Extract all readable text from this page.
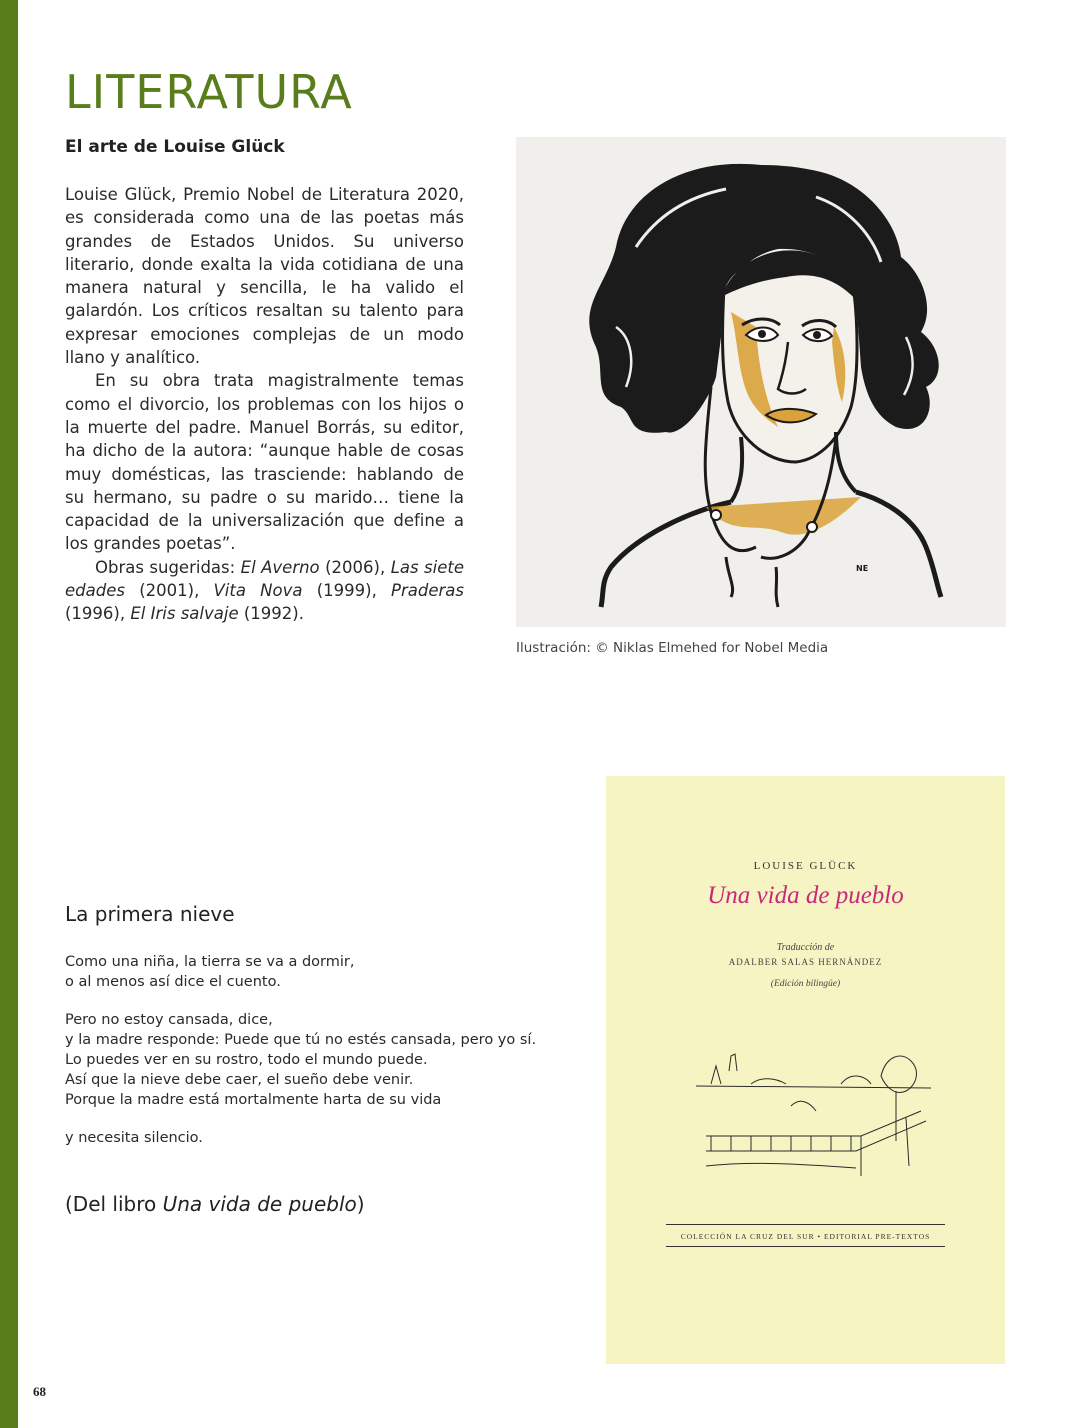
LITERATURA
El arte de Louise Glück

Louise Glück, Premio Nobel de Literatura 2020, es considerada como una de las poetas más grandes de Estados Unidos. Su universo literario, donde exalta la vida cotidiana de una manera natural y sencilla, le ha valido el galardón. Los críticos resaltan su talento para expresar emociones complejas de un modo llano y analítico.

En su obra trata magistralmente temas como el divorcio, los problemas con los hijos o la muerte del padre. Manuel Borrás, su editor, ha dicho de la autora: “aunque hable de cosas muy domésticas, las trasciende: hablando de su hermano, su padre o su marido… tiene la capacidad de la universalización que define a los grandes poetas”.

Obras sugeridas: El Averno (2006), Las siete edades (2001), Vita Nova (1999), Praderas (1996), El Iris salvaje (1992).

NE
Ilustración: © Niklas Elmehed for Nobel Media
La primera nieve
Como una niña, la tierra se va a dormir,
o al menos así dice el cuento.
Pero no estoy cansada, dice,
y la madre responde: Puede que tú no estés cansada, pero yo sí.
Lo puedes ver en su rostro, todo el mundo puede.
Así que la nieve debe caer, el sueño debe venir.
Porque la madre está mortalmente harta de su vida
y necesita silencio.
(Del libro Una vida de pueblo)
LOUISE GLÜCK
Una vida de pueblo
Traducción de
ADALBER SALAS HERNÁNDEZ
(Edición bilingüe)
COLECCIÓN LA CRUZ DEL SUR • EDITORIAL PRE-TEXTOS
68
